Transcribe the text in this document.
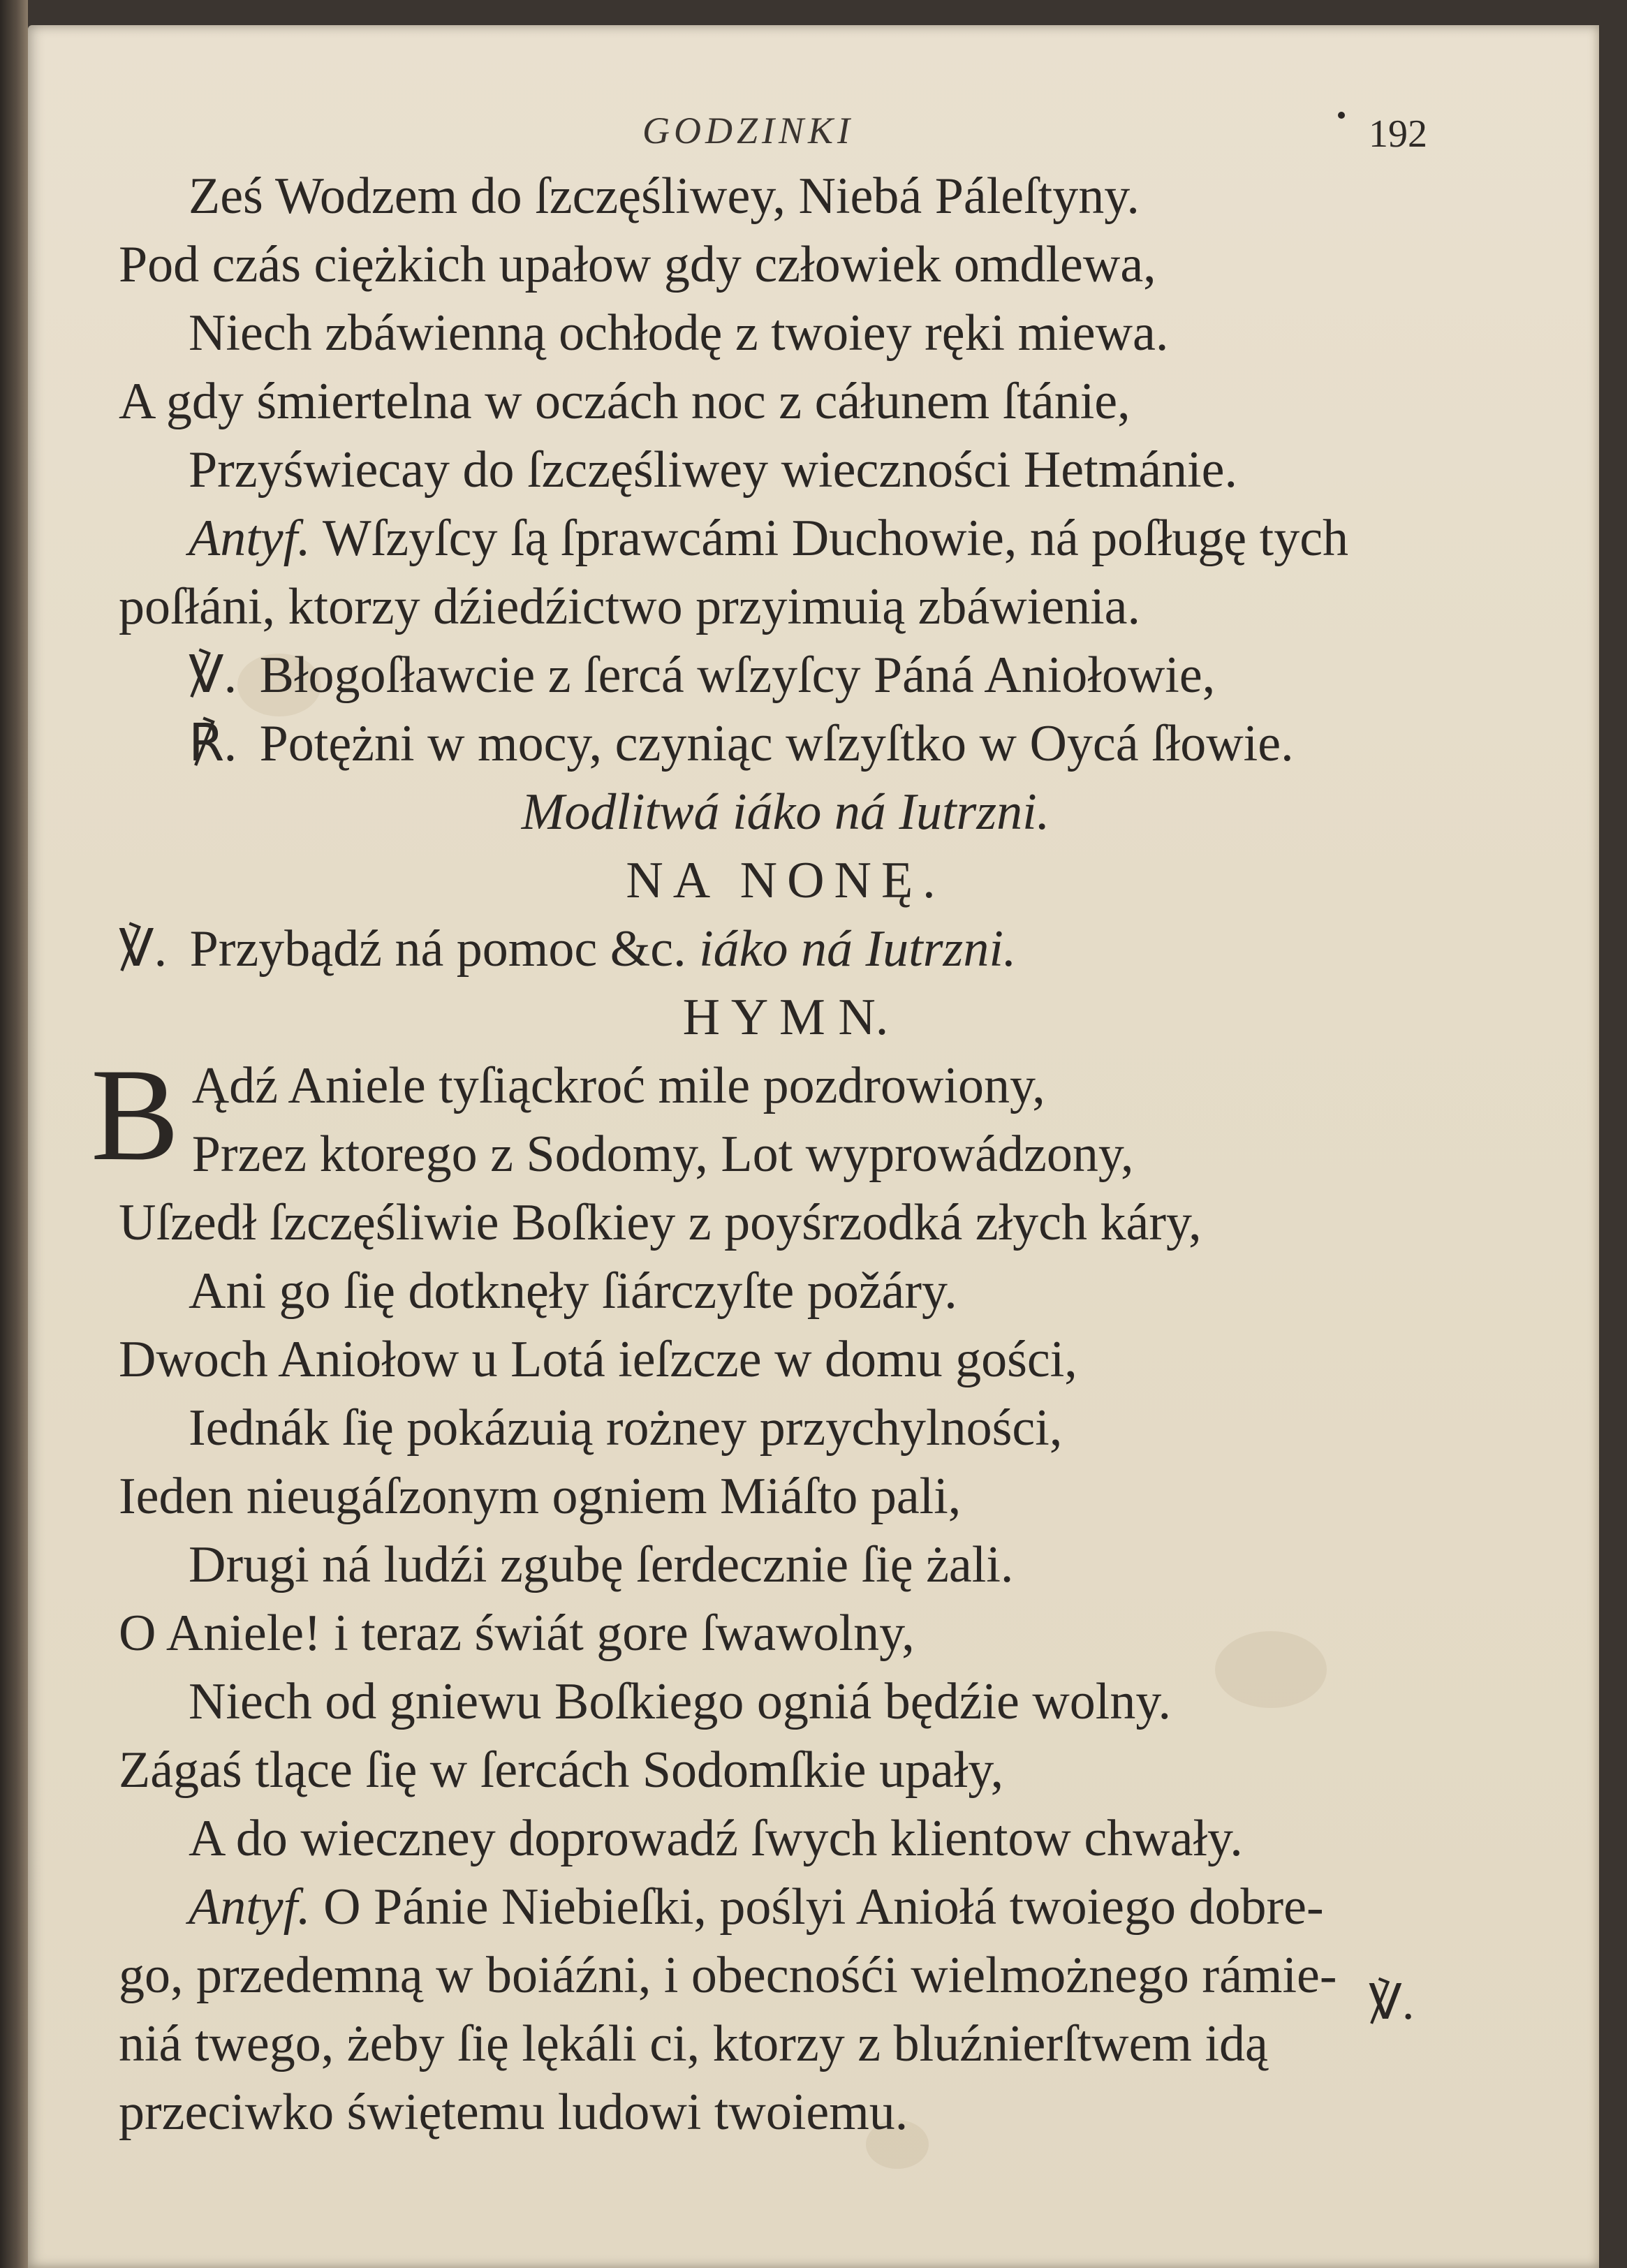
GODZINKI	192
Ześ Wodzem do ſzczęśliwey, Niebá Páleſtyny.
Pod czás ciężkich upałow gdy człowiek omdlewa,
Niech zbáwienną ochłodę z twoiey ręki miewa.
A gdy śmiertelna w oczách noc z cáłunem ſtánie,
Przyświecay do ſzczęśliwey wieczności Hetmánie.
Antyf. Wſzyſcy ſą ſprawcámi Duchowie, ná poſługę tych
poſłáni, ktorzy dźiedźictwo przyimuią zbáwienia.
℣. Błogoſławcie z ſercá wſzyſcy Páná Aniołowie,
℟. Potężni w mocy, czyniąc wſzyſtko w Oycá ſłowie.
Modlitwá iáko ná Iutrzni.
NA NONĘ.
℣. Przybądź ná pomoc &c. iáko ná Iutrzni.
H Y M N.
B Ądź Aniele tyſiąckroć mile pozdrowiony,
Przez ktorego z Sodomy, Lot wyprowádzony,
Uſzedł ſzczęśliwie Boſkiey z poyśrzodká złych káry,
Ani go ſię dotknęły ſiárczyſte požáry.
Dwoch Aniołow u Lotá ieſzcze w domu gości,
Iednák ſię pokázuią rożney przychylności,
Ieden nieugáſzonym ogniem Miáſto pali,
Drugi ná ludźi zgubę ſerdecznie ſię żali.
O Aniele! i teraz świát gore ſwawolny,
Niech od gniewu Boſkiego ogniá będźie wolny.
Zágaś tlące ſię w ſercách Sodomſkie upały,
A do wieczney doprowadź ſwych klientow chwały.
Antyf. O Pánie Niebieſki, poślyi Aniołá twoiego dobre-
go, przedemną w boiáźni, i obecnośći wielmożnego rámie-
niá twego, żeby ſię lękáli ci, ktorzy z bluźnierſtwem idą
przeciwko świętemu ludowi twoiemu.
℣.
